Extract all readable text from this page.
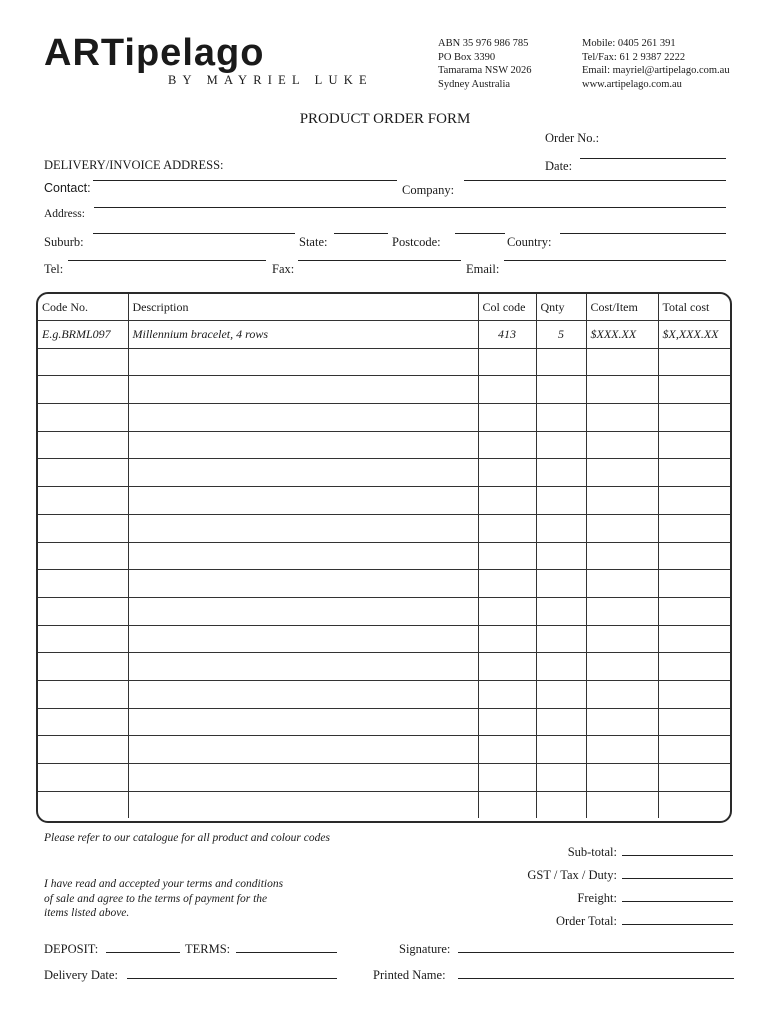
ARTipelago
BY MAYRIEL LUKE
ABN 35 976 986 785
PO Box 3390
Tamarama NSW 2026
Sydney Australia
Mobile: 0405 261 391
Tel/Fax: 61 2 9387 2222
Email: mayriel@artipelago.com.au
www.artipelago.com.au
PRODUCT ORDER FORM
Order No.:
Date:
DELIVERY/INVOICE ADDRESS:
Contact:	Company:
Address:
Suburb:	State:	Postcode:	Country:
Tel:	Fax:	Email:
Code No.	Description	Col code	Qnty	Cost/Item	Total cost
E.g.BRML097	Millennium bracelet, 4 rows	413	5	$XXX.XX	$X,XXX.XX

Please refer to our catalogue for all product and colour codes
I have read and accepted your terms and conditions
of sale and agree to the terms of payment for the
items listed above.
Sub-total:
GST / Tax / Duty:
Freight:
Order Total:
DEPOSIT:	TERMS:	Signature:
Delivery Date:	Printed Name:
